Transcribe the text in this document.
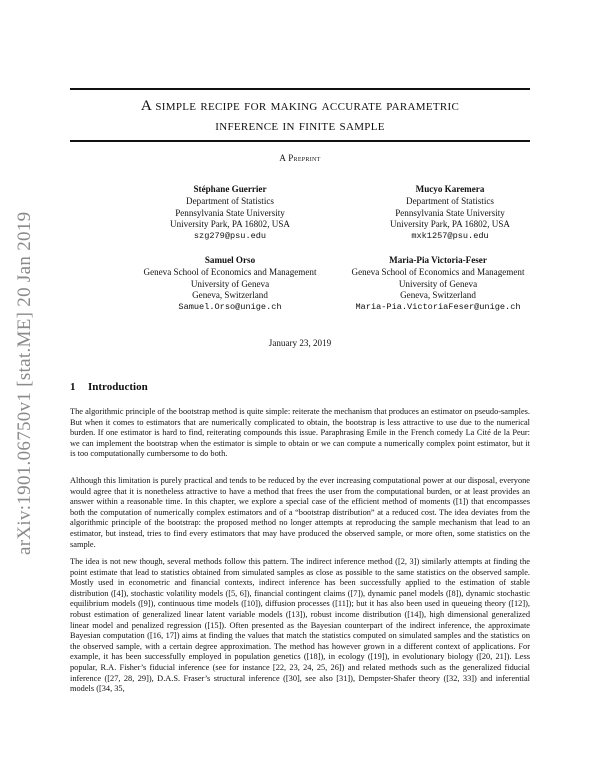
arXiv:1901.06750v1 [stat.ME] 20 Jan 2019
A simple recipe for making accurate parametric
inference in finite sample
A Preprint
Stéphane Guerrier
Department of Statistics
Pennsylvania State University
University Park, PA 16802, USA
szg279@psu.edu
Mucyo Karemera
Department of Statistics
Pennsylvania State University
University Park, PA 16802, USA
mxk1257@psu.edu
Samuel Orso
Geneva School of Economics and Management
University of Geneva
Geneva, Switzerland
Samuel.Orso@unige.ch
Maria-Pia Victoria-Feser
Geneva School of Economics and Management
University of Geneva
Geneva, Switzerland
Maria-Pia.VictoriaFeser@unige.ch
January 23, 2019
1 Introduction

The algorithmic principle of the bootstrap method is quite simple: reiterate the mechanism that produces an estimator on pseudo-samples. But when it comes to estimators that are numerically complicated to obtain, the bootstrap is less attractive to use due to the numerical burden. If one estimator is hard to find, reiterating compounds this issue. Paraphrasing Emile in the French comedy La Cité de la Peur: we can implement the bootstrap when the estimator is simple to obtain or we can compute a numerically complex point estimator, but it is too computationally cumbersome to do both.

Although this limitation is purely practical and tends to be reduced by the ever increasing computational power at our disposal, everyone would agree that it is nonetheless attractive to have a method that frees the user from the computational burden, or at least provides an answer within a reasonable time. In this chapter, we explore a special case of the efficient method of moments ([1]) that encompasses both the computation of numerically complex estimators and of a “bootstrap distribution” at a reduced cost. The idea deviates from the algorithmic principle of the bootstrap: the proposed method no longer attempts at reproducing the sample mechanism that lead to an estimator, but instead, tries to find every estimators that may have produced the observed sample, or more often, some statistics on the sample.

The idea is not new though, several methods follow this pattern. The indirect inference method ([2, 3]) similarly attempts at finding the point estimate that lead to statistics obtained from simulated samples as close as possible to the same statistics on the observed sample. Mostly used in econometric and financial contexts, indirect inference has been successfully applied to the estimation of stable distribution ([4]), stochastic volatility models ([5, 6]), financial contingent claims ([7]), dynamic panel models ([8]), dynamic stochastic equilibrium models ([9]), continuous time models ([10]), diffusion processes ([11]); but it has also been used in queueing theory ([12]), robust estimation of generalized linear latent variable models ([13]), robust income distribution ([14]), high dimensional generalized linear model and penalized regression ([15]). Often presented as the Bayesian counterpart of the indirect inference, the approximate Bayesian computation ([16, 17]) aims at finding the values that match the statistics computed on simulated samples and the statistics on the observed sample, with a certain degree approximation. The method has however grown in a different context of applications. For example, it has been successfully employed in population genetics ([18]), in ecology ([19]), in evolutionary biology ([20, 21]). Less popular, R.A. Fisher’s fiducial inference (see for instance [22, 23, 24, 25, 26]) and related methods such as the generalized fiducial inference ([27, 28, 29]), D.A.S. Fraser’s structural inference ([30], see also [31]), Dempster-Shafer theory ([32, 33]) and inferential models ([34, 35,
